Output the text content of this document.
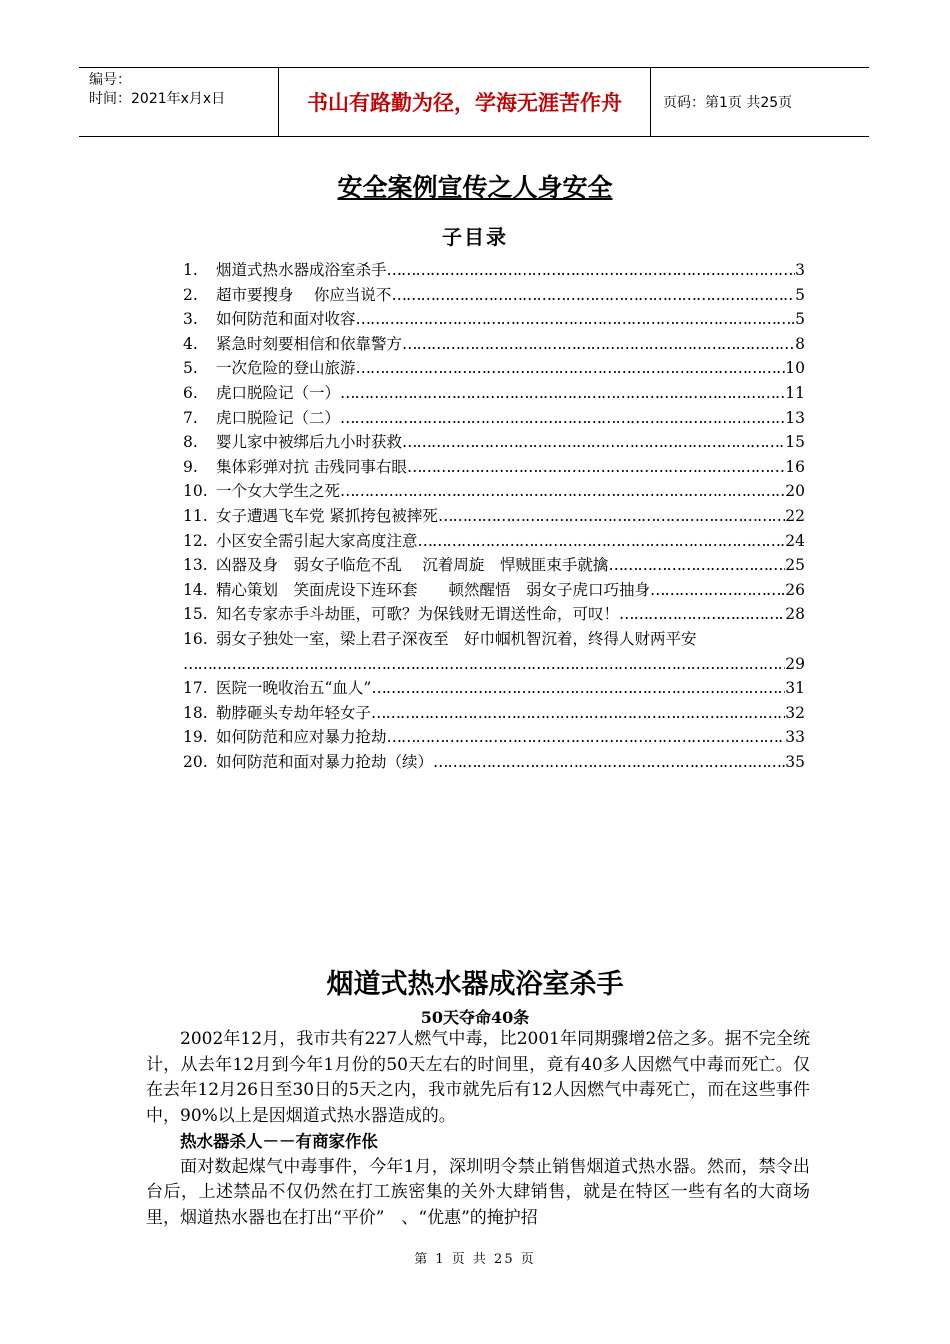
编号：
时间：2021年x月x日	书山有路勤为径，学海无涯苦作舟	页码：第1页 共25页
安全案例宣传之人身安全
子目录
1.	烟道式热水器成浴室杀手 …………………………………………………………………………………………………………………………………………	3
2.	超市要搜身　 你应当说不 …………………………………………………………………………………………………………………………………………	5
3.	如何防范和面对收容 …………………………………………………………………………………………………………………………………………	5
4.	紧急时刻要相信和依靠警方 …………………………………………………………………………………………………………………………………………	8
5.	一次危险的登山旅游 …………………………………………………………………………………………………………………………………………	10
6.	虎口脱险记（一） …………………………………………………………………………………………………………………………………………	11
7.	虎口脱险记（二） …………………………………………………………………………………………………………………………………………	13
8.	婴儿家中被绑后九小时获救 …………………………………………………………………………………………………………………………………………	15
9.	集体彩弹对抗 击残同事右眼 …………………………………………………………………………………………………………………………………………	16
10. 一个女大学生之死 …………………………………………………………………………………………………………………………………………	20
11. 女子遭遇飞车党 紧抓挎包被摔死 …………………………………………………………………………………………………………………………………………	22
12. 小区安全需引起大家高度注意 …………………………………………………………………………………………………………………………………………	24
13. 凶器及身　弱女子临危不乱　 沉着周旋　悍贼匪束手就擒 …………………………………………………………………………………………………………………………………………	25
14. 精心策划　笑面虎设下连环套　　顿然醒悟　弱女子虎口巧抽身 …………………………………………………………………………………………………………………………………………	26
15. 知名专家赤手斗劫匪，可歌？为保钱财无谓送性命，可叹！ …………………………………………………………………………………………………………………………………………	28
16. 弱女子独处一室，梁上君子深夜至　好巾帼机智沉着，终得人财两平安
…………………………………………………………………………………………………………………………………………
29
17. 医院一晚收治五“血人” …………………………………………………………………………………………………………………………………………	31
18. 勒脖砸头专劫年轻女子 …………………………………………………………………………………………………………………………………………	32
19. 如何防范和应对暴力抢劫 …………………………………………………………………………………………………………………………………………	33
20. 如何防范和面对暴力抢劫（续） …………………………………………………………………………………………………………………………………………	35
烟道式热水器成浴室杀手
50天夺命40条

2002年12月，我市共有227人燃气中毒，比2001年同期骤增2倍之多。据不完全统计，从去年12月到今年1月份的50天左右的时间里，竟有40多人因燃气中毒而死亡。仅在去年12月26日至30日的5天之内，我市就先后有12人因燃气中毒死亡，而在这些事件中，90%以上是因烟道式热水器造成的。

热水器杀人－－有商家作伥

面对数起煤气中毒事件，今年1月，深圳明令禁止销售烟道式热水器。然而，禁令出台后，上述禁品不仅仍然在打工族密集的关外大肆销售，就是在特区一些有名的大商场里，烟道热水器也在打出“平价”　、“优惠”的掩护招

第 1 页 共 25 页
